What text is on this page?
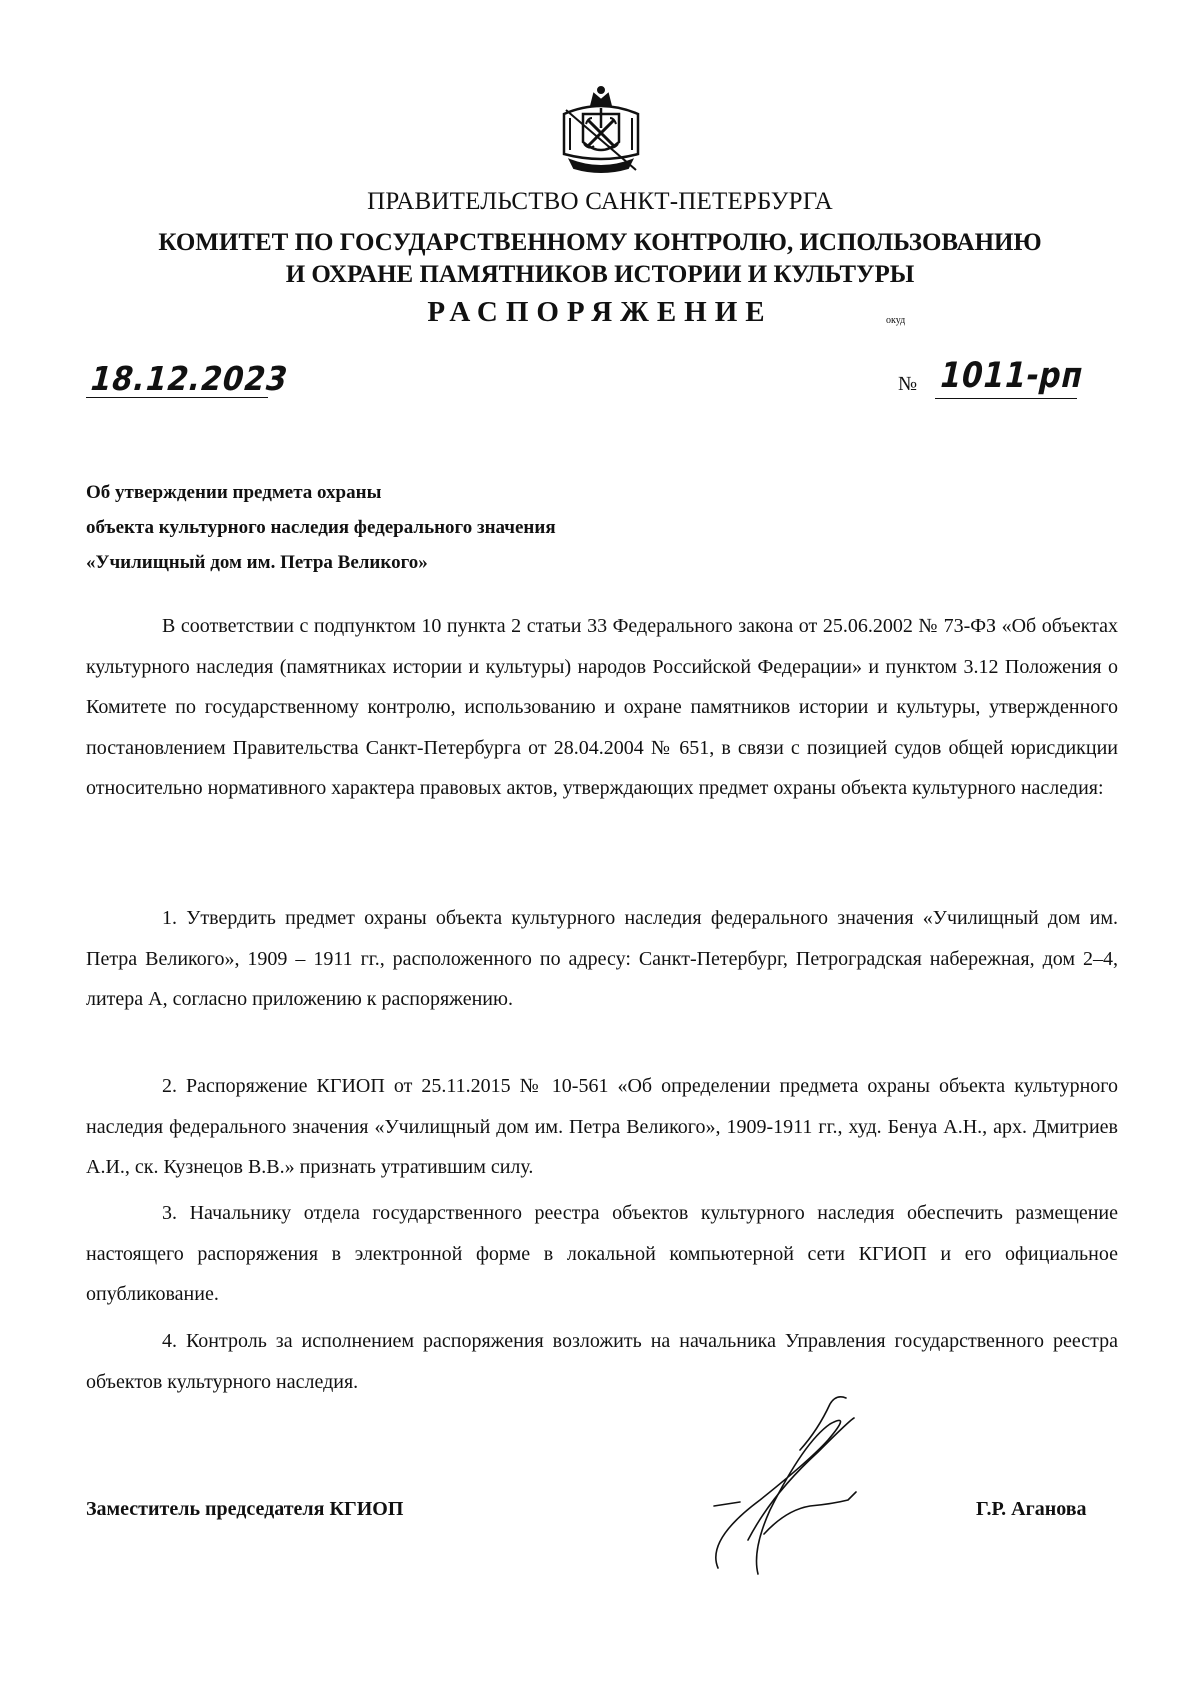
ПРАВИТЕЛЬСТВО САНКТ-ПЕТЕРБУРГА
КОМИТЕТ ПО ГОСУДАРСТВЕННОМУ КОНТРОЛЮ, ИСПОЛЬЗОВАНИЮ
И ОХРАНЕ ПАМЯТНИКОВ ИСТОРИИ И КУЛЬТУРЫ
РАСПОРЯЖЕНИЕ	окуд
18.12.2023	№ 1011-рп
Об утверждении предмета охраны
объекта культурного наследия федерального значения
«Училищный дом им. Петра Великого»
В соответствии с подпунктом 10 пункта 2 статьи 33 Федерального закона от 25.06.2002 № 73-ФЗ «Об объектах культурного наследия (памятниках истории и культуры) народов Российской Федерации» и пунктом 3.12 Положения о Комитете по государственному контролю, использованию и охране памятников истории и культуры, утвержденного постановлением Правительства Санкт-Петербурга от 28.04.2004 № 651, в связи с позицией судов общей юрисдикции относительно нормативного характера правовых актов, утверждающих предмет охраны объекта культурного наследия:
1. Утвердить предмет охраны объекта культурного наследия федерального значения «Училищный дом им. Петра Великого», 1909 – 1911 гг., расположенного по адресу: Санкт-Петербург, Петроградская набережная, дом 2–4, литера А, согласно приложению к распоряжению.
2. Распоряжение КГИОП от 25.11.2015 № 10-561 «Об определении предмета охраны объекта культурного наследия федерального значения «Училищный дом им. Петра Великого», 1909-1911 гг., худ. Бенуа А.Н., арх. Дмитриев А.И., ск. Кузнецов В.В.» признать утратившим силу.
3. Начальнику отдела государственного реестра объектов культурного наследия обеспечить размещение настоящего распоряжения в электронной форме в локальной компьютерной сети КГИОП и его официальное опубликование.
4. Контроль за исполнением распоряжения возложить на начальника Управления государственного реестра объектов культурного наследия.
Заместитель председателя КГИОП	Г.Р. Аганова
